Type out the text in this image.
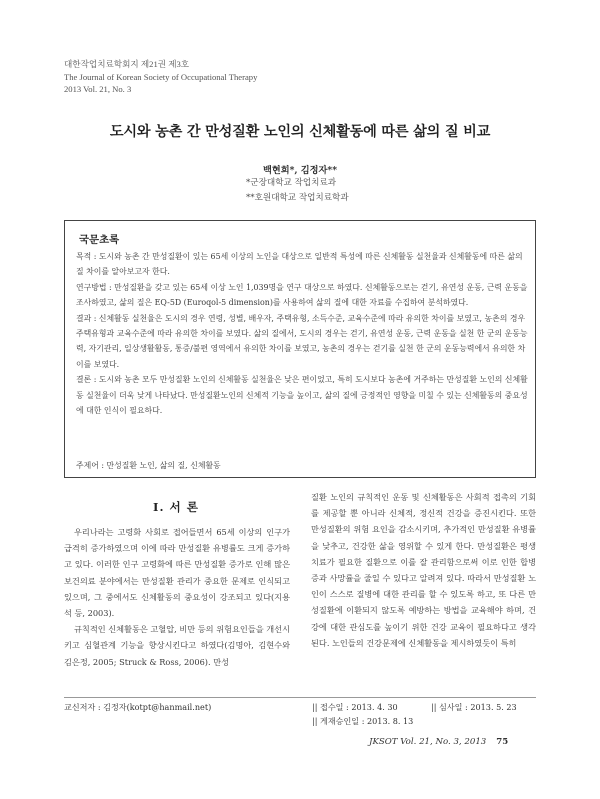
대한작업치료학회지 제21권 제3호
The Journal of Korean Society of Occupational Therapy
2013 Vol. 21, No. 3
도시와 농촌 간 만성질환 노인의 신체활동에 따른 삶의 질 비교
백현희*, 김정자**
*군장대학교 작업치료과
**호원대학교 작업치료학과
국문초록
목적 : 도시와 농촌 간 만성질환이 있는 65세 이상의 노인을 대상으로 일반적 특성에 따른 신체활동 실천율과 신체활동에 따른 삶의 질 차이를 알아보고자 한다.
연구방법 : 만성질환을 갖고 있는 65세 이상 노인 1,039명을 연구 대상으로 하였다. 신체활동으로는 걷기, 유연성 운동, 근력 운동을 조사하였고, 삶의 질은 EQ-5D (Euroqol-5 dimension)를 사용하여 삶의 질에 대한 자료를 수집하여 분석하였다.
결과 : 신체활동 실천율은 도시의 경우 연령, 성별, 배우자, 주택유형, 소득수준, 교육수준에 따라 유의한 차이를 보였고, 농촌의 경우 주택유형과 교육수준에 따라 유의한 차이를 보였다. 삶의 질에서, 도시의 경우는 걷기, 유연성 운동, 근력 운동을 실천 한 군의 운동능력, 자기관리, 일상생활활동, 통증/불편 영역에서 유의한 차이를 보였고, 농촌의 경우는 걷기를 실천 한 군의 운동능력에서 유의한 차이를 보였다.
결론 : 도시와 농촌 모두 만성질환 노인의 신체활동 실천율은 낮은 편이었고, 특히 도시보다 농촌에 거주하는 만성질환 노인의 신체활동 실천율이 더욱 낮게 나타났다. 만성질환노인의 신체적 기능을 높이고, 삶의 질에 긍정적인 영향을 미칠 수 있는 신체활동의 중요성에 대한 인식이 필요하다.
주제어 : 만성질환 노인, 삶의 질, 신체활동
Ⅰ. 서 론

우리나라는 고령화 사회로 접어들면서 65세 이상의 인구가 급격히 증가하였으며 이에 따라 만성질환 유병률도 크게 증가하고 있다. 이러한 인구 고령화에 따른 만성질환 증가로 인해 많은 보건의료 분야에서는 만성질환 관리가 중요한 문제로 인식되고 있으며, 그 중에서도 신체활동의 중요성이 강조되고 있다(지용석 등, 2003).

규칙적인 신체활동은 고혈압, 비만 등의 위험요인들을 개선시키고 심혈관계 기능을 향상시킨다고 하였다(김명아, 김현수와 김은정, 2005; Struck & Ross, 2006). 만성

질환 노인의 규칙적인 운동 및 신체활동은 사회적 접촉의 기회를 제공할 뿐 아니라 신체적, 정신적 건강을 증진시킨다. 또한 만성질환의 위험 요인을 감소시키며, 추가적인 만성질환 유병률을 낮추고, 건강한 삶을 영위할 수 있게 한다. 만성질환은 평생 치료가 필요한 질환으로 이를 잘 관리함으로써 이로 인한 합병증과 사망률을 줄일 수 있다고 알려져 있다. 따라서 만성질환 노인이 스스로 질병에 대한 관리를 할 수 있도록 하고, 또 다른 만성질환에 이환되지 않도록 예방하는 방법을 교육해야 하며, 건강에 대한 관심도를 높이기 위한 건강 교육이 필요하다고 생각된다. 노인들의 건강문제에 신체활동을 제시하였듯이 특히

교신저자 : 김정자(kotpt@hanmail.net)	|| 접수일 : 2013. 4. 30	|| 심사일 : 2013. 5. 23
|| 게재승인일 : 2013. 8. 13
JKSOT Vol. 21, No. 3, 2013 75
